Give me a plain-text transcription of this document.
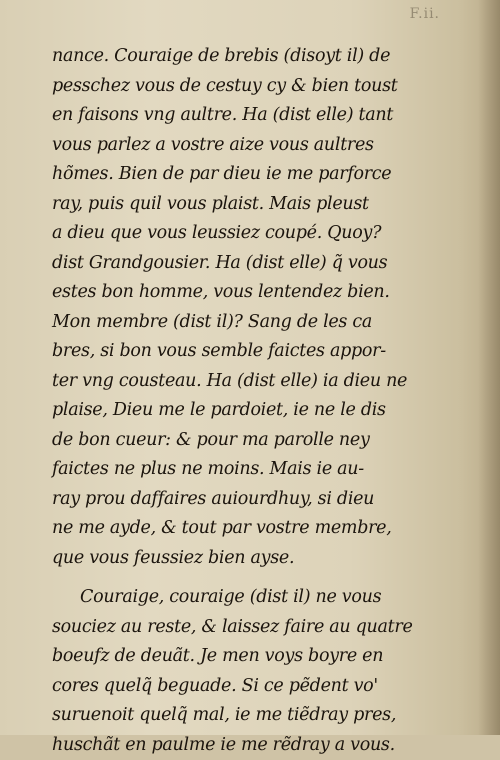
F.ii.
nance. Couraige de brebis (disoyt il) de
pesschez vous de cestuy cy & bien toust
en faisons vng aultre. Ha (dist elle) tant
vous parlez a vostre aize vous aultres
hõmes. Bien de par dieu ie me parforce
ray, puis quil vous plaist. Mais pleust
a dieu que vous leussiez coupé. Quoy?
dist Grandgousier. Ha (dist elle) q̃ vous
estes bon homme, vous lentendez bien.
Mon membre (dist il)? Sang de les ca
bres, si bon vous semble faictes appor-
ter vng cousteau. Ha (dist elle) ia dieu ne
plaise, Dieu me le pardoiet, ie ne le dis
de bon cueur: & pour ma parolle ney
faictes ne plus ne moins. Mais ie au-
ray prou daffaires auiourdhuy, si dieu
ne me ayde, & tout par vostre membre,
que vous feussiez bien ayse.
Couraige, couraige (dist il) ne vous
souciez au reste, & laissez faire au quatre
boeufz de deuãt. Je men voys boyre en
cores quelq̃ beguade. Si ce pẽdent vo'
suruenoit quelq̃ mal, ie me tiẽdray pres,
huschãt en paulme ie me rẽdray a vous.
